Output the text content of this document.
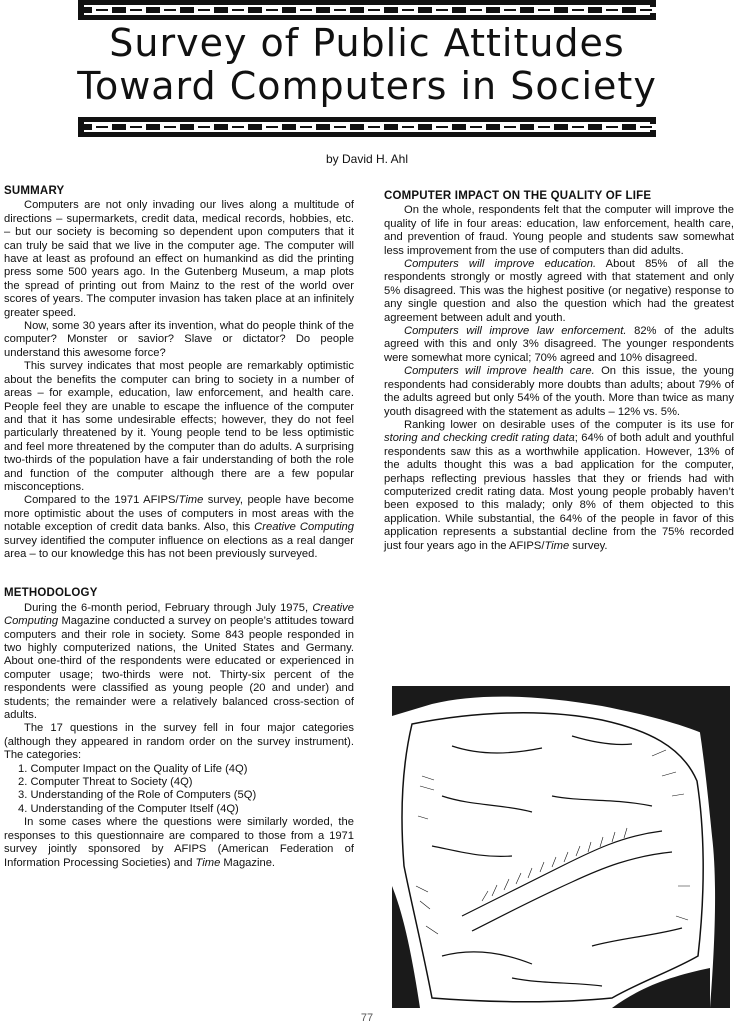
Survey of Public Attitudes
Toward Computers in Society
by David H. Ahl
SUMMARY

Computers are not only invading our lives along a multitude of directions – supermarkets, credit data, medical records, hobbies, etc. – but our society is becoming so dependent upon computers that it can truly be said that we live in the computer age. The computer will have at least as profound an effect on humankind as did the printing press some 500 years ago. In the Gutenberg Museum, a map plots the spread of printing out from Mainz to the rest of the world over scores of years. The computer invasion has taken place at an infinitely greater speed.

Now, some 30 years after its invention, what do people think of the computer? Monster or savior? Slave or dictator? Do people understand this awesome force?

This survey indicates that most people are remarkably optimistic about the benefits the computer can bring to society in a number of areas – for example, education, law enforcement, and health care. People feel they are unable to escape the influence of the computer and that it has some undesirable effects; however, they do not feel particularly threatened by it. Young people tend to be less optimistic and feel more threatened by the computer than do adults. A surprising two-thirds of the population have a fair understanding of both the role and function of the computer although there are a few popular misconceptions.

Compared to the 1971 AFIPS/Time survey, people have become more optimistic about the uses of computers in most areas with the notable exception of credit data banks. Also, this Creative Computing survey identified the computer influence on elections as a real danger area – to our knowledge this has not been previously surveyed.

METHODOLOGY

During the 6-month period, February through July 1975, Creative Computing Magazine conducted a survey on people’s attitudes toward computers and their role in society. Some 843 people responded in two highly computerized nations, the United States and Germany. About one-third of the respondents were educated or experienced in computer usage; two-thirds were not. Thirty-six percent of the respondents were classified as young people (20 and under) and students; the remainder were a relatively balanced cross-section of adults.

The 17 questions in the survey fell in four major categories (although they appeared in random order on the survey instrument). The categories:

1. Computer Impact on the Quality of Life (4Q)
2. Computer Threat to Society (4Q)
3. Understanding of the Role of Computers (5Q)
4. Understanding of the Computer Itself (4Q)

In some cases where the questions were similarly worded, the responses to this questionnaire are compared to those from a 1971 survey jointly sponsored by AFIPS (American Federation of Information Processing Societies) and Time Magazine.

COMPUTER IMPACT ON THE QUALITY OF LIFE

On the whole, respondents felt that the computer will improve the quality of life in four areas: education, law enforcement, health care, and prevention of fraud. Young people and students saw somewhat less improvement from the use of computers than did adults.

Computers will improve education. About 85% of all the respondents strongly or mostly agreed with that statement and only 5% disagreed. This was the highest positive (or negative) response to any single question and also the question which had the greatest agreement between adult and youth.

Computers will improve law enforcement. 82% of the adults agreed with this and only 3% disagreed. The younger respondents were somewhat more cynical; 70% agreed and 10% disagreed.

Computers will improve health care. On this issue, the young respondents had considerably more doubts than adults; about 79% of the adults agreed but only 54% of the youth. More than twice as many youth disagreed with the statement as adults – 12% vs. 5%.

Ranking lower on desirable uses of the computer is its use for storing and checking credit rating data; 64% of both adult and youthful respondents saw this as a worthwhile application. However, 13% of the adults thought this was a bad application for the computer, perhaps reflecting previous hassles that they or friends had with computerized credit rating data. Most young people probably haven’t been exposed to this malady; only 8% of them objected to this application. While substantial, the 64% of the people in favor of this application represents a substantial decline from the 75% recorded just four years ago in the AFIPS/Time survey.

77
